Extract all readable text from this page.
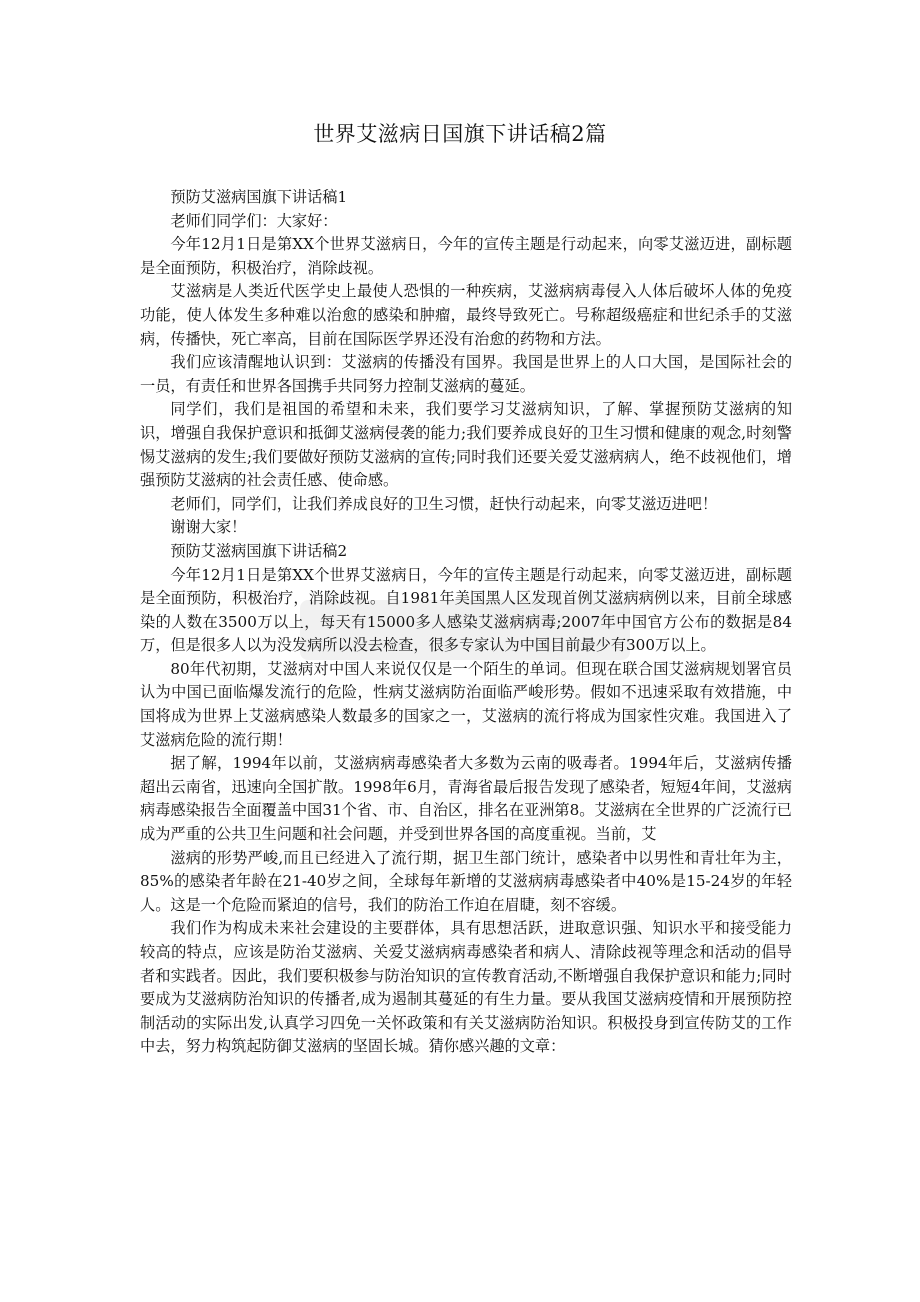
世界艾滋病日国旗下讲话稿2篇

预防艾滋病国旗下讲话稿1

老师们同学们：大家好：

今年12月1日是第XX个世界艾滋病日，今年的宣传主题是行动起来，向零艾滋迈进，副标题是全面预防，积极治疗，消除歧视。

艾滋病是人类近代医学史上最使人恐惧的一种疾病，艾滋病病毒侵入人体后破坏人体的免疫功能，使人体发生多种难以治愈的感染和肿瘤，最终导致死亡。号称超级癌症和世纪杀手的艾滋病，传播快，死亡率高，目前在国际医学界还没有治愈的药物和方法。

我们应该清醒地认识到：艾滋病的传播没有国界。我国是世界上的人口大国，是国际社会的一员，有责任和世界各国携手共同努力控制艾滋病的蔓延。

同学们，我们是祖国的希望和未来，我们要学习艾滋病知识，了解、掌握预防艾滋病的知识，增强自我保护意识和抵御艾滋病侵袭的能力;我们要养成良好的卫生习惯和健康的观念,时刻警惕艾滋病的发生;我们要做好预防艾滋病的宣传;同时我们还要关爱艾滋病病人，绝不歧视他们，增强预防艾滋病的社会责任感、使命感。

老师们，同学们，让我们养成良好的卫生习惯，赶快行动起来，向零艾滋迈进吧！

谢谢大家！

预防艾滋病国旗下讲话稿2

今年12月1日是第XX个世界艾滋病日，今年的宣传主题是行动起来，向零艾滋迈进，副标题是全面预防，积极治疗，消除歧视。自1981年美国黑人区发现首例艾滋病病例以来，目前全球感染的人数在3500万以上，每天有15000多人感染艾滋病病毒;2007年中国官方公布的数据是84万，但是很多人以为没发病所以没去检查，很多专家认为中国目前最少有300万以上。

80年代初期，艾滋病对中国人来说仅仅是一个陌生的单词。但现在联合国艾滋病规划署官员认为中国已面临爆发流行的危险，性病艾滋病防治面临严峻形势。假如不迅速采取有效措施，中国将成为世界上艾滋病感染人数最多的国家之一，艾滋病的流行将成为国家性灾难。我国进入了艾滋病危险的流行期！

据了解，1994年以前，艾滋病病毒感染者大多数为云南的吸毒者。1994年后，艾滋病传播超出云南省，迅速向全国扩散。1998年6月，青海省最后报告发现了感染者，短短4年间，艾滋病病毒感染报告全面覆盖中国31个省、市、自治区，排名在亚洲第8。艾滋病在全世界的广泛流行已成为严重的公共卫生问题和社会问题，并受到世界各国的高度重视。当前，艾

滋病的形势严峻,而且已经进入了流行期，据卫生部门统计，感染者中以男性和青壮年为主，85%的感染者年龄在21-40岁之间，全球每年新增的艾滋病病毒感染者中40%是15-24岁的年轻人。这是一个危险而紧迫的信号，我们的防治工作迫在眉睫，刻不容缓。

我们作为构成未来社会建设的主要群体，具有思想活跃，进取意识强、知识水平和接受能力较高的特点，应该是防治艾滋病、关爱艾滋病病毒感染者和病人、清除歧视等理念和活动的倡导者和实践者。因此，我们要积极参与防治知识的宣传教育活动,不断增强自我保护意识和能力;同时要成为艾滋病防治知识的传播者,成为遏制其蔓延的有生力量。要从我国艾滋病疫情和开展预防控制活动的实际出发,认真学习四免一关怀政策和有关艾滋病防治知识。积极投身到宣传防艾的工作中去，努力构筑起防御艾滋病的坚固长城。猜你感兴趣的文章：
